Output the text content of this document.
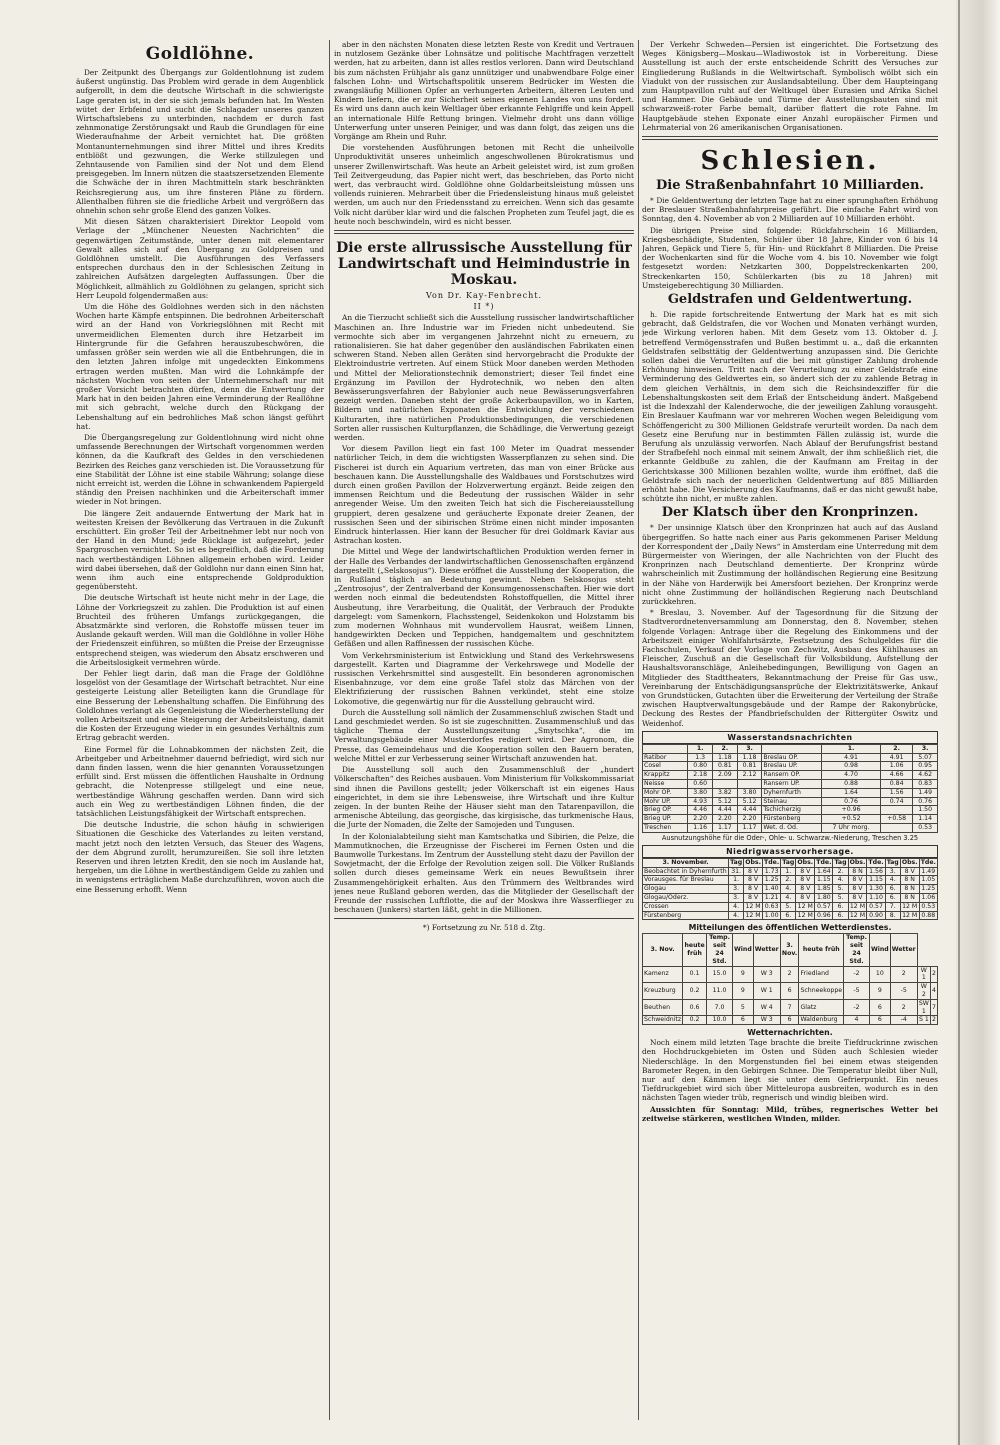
Goldlöhne.

Der Zeitpunkt des Übergangs zur Goldentlohnung ist zudem äußerst ungünstig. Das Problem wird gerade in dem Augenblick aufgerollt, in dem die deutsche Wirtschaft in die schwierigste Lage geraten ist, in der sie sich jemals befunden hat. Im Westen wütet der Erbfeind und sucht die Schlagader unseres ganzen Wirtschaftslebens zu unterbinden, nachdem er durch fast zehnmonatige Zerstörungsakt und Raub die Grundlagen für eine Wiederaufnahme der Arbeit vernichtet hat. Die größten Montanunternehmungen sind ihrer Mittel und ihres Kredits entblößt und gezwungen, die Werke stillzulegen und Zehntausende von Familien sind der Not und dem Elend preisgegeben. Im Innern nützen die staatszersetzenden Elemente die Schwäche der in ihren Machtmitteln stark beschränkten Reichsregierung aus, um ihre finsteren Pläne zu fördern. Allenthalben führen sie die friedliche Arbeit und vergrößern das ohnehin schon sehr große Elend des ganzen Volkes.

Mit diesen Sätzen charakterisiert Direktor Leopold vom Verlage der „Münchener Neuesten Nachrichten“ die gegenwärtigen Zeitumstände, unter denen mit elementarer Gewalt alles sich auf den Übergang zu Goldpreisen und Goldlöhnen umstellt. Die Ausführungen des Verfassers entsprechen durchaus den in der Schlesischen Zeitung in zahlreichen Aufsätzen dargelegten Auffassungen. Über die Möglichkeit, allmählich zu Goldlöhnen zu gelangen, spricht sich Herr Leupold folgendermaßen aus:

Um die Höhe des Goldlohnes werden sich in den nächsten Wochen harte Kämpfe entspinnen. Die bedrohnen Arbeiterschaft wird an der Hand von Vorkriegslöhnen mit Recht mit unvermeidlichen Elementen durch ihre Hetzarbeit im Hintergrunde für die Gefahren herauszubeschwören, die umfassen größer sein werden wie all die Entbehrungen, die in den letzten Jahren infolge mit ungedeckten Einkommens ertragen werden mußten. Man wird die Lohnkämpfe der nächsten Wochen von seiten der Unternehmerschaft nur mit großer Vorsicht betrachten dürfen, denn die Entwertung der Mark hat in den beiden Jahren eine Verminderung der Reallöhne mit sich gebracht, welche durch den Rückgang der Lebenshaltung auf ein bedrohliches Maß schon längst geführt hat.

Die Übergangsregelung zur Goldentlohnung wird nicht ohne umfassende Berechnungen der Wirtschaft vorgenommen werden können, da die Kaufkraft des Geldes in den verschiedenen Bezirken des Reiches ganz verschieden ist. Die Voraussetzung für eine Stabilität der Löhne ist eine stabile Währung; solange diese nicht erreicht ist, werden die Löhne in schwankendem Papiergeld ständig den Preisen nachhinken und die Arbeiterschaft immer wieder in Not bringen.

Die längere Zeit andauernde Entwertung der Mark hat in weitesten Kreisen der Bevölkerung das Vertrauen in die Zukunft erschüttert. Ein großer Teil der Arbeitnehmer lebt nur noch von der Hand in den Mund; jede Rücklage ist aufgezehrt, jeder Spargroschen vernichtet. So ist es begreiflich, daß die Forderung nach wertbeständigen Löhnen allgemein erhoben wird. Leider wird dabei übersehen, daß der Goldlohn nur dann einen Sinn hat, wenn ihm auch eine entsprechende Goldproduktion gegenübersteht.

Die deutsche Wirtschaft ist heute nicht mehr in der Lage, die Löhne der Vorkriegszeit zu zahlen. Die Produktion ist auf einen Bruchteil des früheren Umfangs zurückgegangen, die Absatzmärkte sind verloren, die Rohstoffe müssen teuer im Auslande gekauft werden. Will man die Goldlöhne in voller Höhe der Friedenszeit einführen, so müßten die Preise der Erzeugnisse entsprechend steigen, was wiederum den Absatz erschweren und die Arbeitslosigkeit vermehren würde.

Der Fehler liegt darin, daß man die Frage der Goldlöhne losgelöst von der Gesamtlage der Wirtschaft betrachtet. Nur eine gesteigerte Leistung aller Beteiligten kann die Grundlage für eine Besserung der Lebenshaltung schaffen. Die Einführung des Goldlohnes verlangt als Gegenleistung die Wiederherstellung der vollen Arbeitszeit und eine Steigerung der Arbeitsleistung, damit die Kosten der Erzeugung wieder in ein gesundes Verhältnis zum Ertrag gebracht werden.

Eine Formel für die Lohnabkommen der nächsten Zeit, die Arbeitgeber und Arbeitnehmer dauernd befriedigt, wird sich nur dann finden lassen, wenn die hier genannten Voraussetzungen erfüllt sind. Erst müssen die öffentlichen Haushalte in Ordnung gebracht, die Notenpresse stillgelegt und eine neue, wertbeständige Währung geschaffen werden. Dann wird sich auch ein Weg zu wertbeständigen Löhnen finden, die der tatsächlichen Leistungsfähigkeit der Wirtschaft entsprechen.

Die deutsche Industrie, die schon häufig in schwierigen Situationen die Geschicke des Vaterlandes zu leiten verstand, macht jetzt noch den letzten Versuch, das Steuer des Wagens, der dem Abgrund zurollt, herumzureißen. Sie soll ihre letzten Reserven und ihren letzten Kredit, den sie noch im Auslande hat, hergeben, um die Löhne in wertbeständigem Gelde zu zahlen und in wenigstens erträglichem Maße durchzuführen, wovon auch die eine Besserung erhofft. Wenn

aber in den nächsten Monaten diese letzten Reste von Kredit und Vertrauen in nutzlosem Gezänke über Lohnsätze und politische Machtfragen verzettelt werden, hat zu arbeiten, dann ist alles restlos verloren. Dann wird Deutschland bis zum nächsten Frühjahr als ganz unnütziger und unabwendbare Folge einer falschen Lohn- und Wirtschaftspolitik unserem Bedrücker im Westen die zwangsläufig Millionen Opfer an verhungerten Arbeitern, älteren Leuten und Kindern liefern, die er zur Sicherheit seines eigenen Landes von uns fordert. Es wird uns dann auch kein Weltlager über erkannte Fehlgriffe und kein Appell an internationale Hilfe Rettung bringen. Vielmehr droht uns dann völlige Unterwerfung unter unseren Peiniger, und was dann folgt, das zeigen uns die Vorgänge am Rhein und Ruhr.

Die vorstehenden Ausführungen betonen mit Recht die unheilvolle Unproduktivität unseres unheimlich angeschwollenen Bürokratismus und unserer Zwillenwirtschaft. Was heute an Arbeit geleistet wird, ist zum großen Teil Zeitvergeudung, das Papier nicht wert, das beschrieben, das Porto nicht wert, das verbraucht wird. Goldlöhne ohne Goldarbeitsleistung müssen uns vollends ruinieren. Mehrarbeit über die Friedensleistung hinaus muß geleistet werden, um auch nur den Friedensstand zu erreichen. Wenn sich das gesamte Volk nicht darüber klar wird und die falschen Propheten zum Teufel jagt, die es heute noch beschwindeln, wird es nicht besser.

Die erste allrussische Ausstellung für Landwirtschaft und Heimindustrie in Moskau.
Von Dr. Kay-Fenbrecht.
II *)

An die Tierzucht schließt sich die Ausstellung russischer landwirtschaftlicher Maschinen an. Ihre Industrie war im Frieden nicht unbedeutend. Sie vermochte sich aber im vergangenen Jahrzehnt nicht zu erneuern, zu rationalisieren. Sie hat daher gegenüber den ausländischen Fabrikaten einen schweren Stand. Neben allen Geräten sind hervorgebracht die Produkte der Elektroindustrie vertreten. Auf einem Stück Moor daneben werden Methoden und Mittel der Meliorationstechnik demonstriert; dieser Teil findet eine Ergänzung im Pavillon der Hydrotechnik, wo neben den alten Bewässerungsverfahren der Babylonier auch neue Bewässerungsverfahren gezeigt werden. Daneben steht der große Ackerbaupavillon, wo in Karten, Bildern und natürlichen Exponaten die Entwicklung der verschiedenen Kulturarten, ihre natürlichen Produktionsbedingungen, die verschiedenen Sorten aller russischen Kulturpflanzen, die Schädlinge, die Verwertung gezeigt werden.

Vor diesem Pavillon liegt ein fast 100 Meter im Quadrat messender natürlicher Teich, in dem die wichtigsten Wasserpflanzen zu sehen sind. Die Fischerei ist durch ein Aquarium vertreten, das man von einer Brücke aus beschauen kann. Die Ausstellungshalle des Waldbaues und Forstschutzes wird durch einen großen Pavillon der Holzverwertung ergänzt. Beide zeigen den immensen Reichtum und die Bedeutung der russischen Wälder in sehr anregender Weise. Um den zweiten Teich hat sich die Fischereiausstellung gruppiert, deren gesalzene und geräucherte Exponate dreier Zeanen, der russischen Seen und der sibirischen Ströme einen nicht minder imposanten Eindruck hinterlassen. Hier kann der Besucher für drei Goldmark Kaviar aus Astrachan kosten.

Die Mittel und Wege der landwirtschaftlichen Produktion werden ferner in der Halle des Verbandes der landwirtschaftlichen Genossenschaften ergänzend dargestellt („Selskosojus“). Diese eröffnet die Ausstellung der Kooperation, die in Rußland täglich an Bedeutung gewinnt. Neben Selskosojus steht „Zentrosojus“, der Zentralverband der Konsumgenossenschaften. Hier wie dort werden noch einmal die bedeutendsten Rohstoffquellen, die Mittel ihrer Ausbeutung, ihre Verarbeitung, die Qualität, der Verbrauch der Produkte dargelegt: vom Samenkorn, Flachsstengel, Seidenkokon und Holzstamm bis zum modernen Wohnhaus mit wundervollem Hausrat, weißem Linnen, handgewirkten Decken und Teppichen, handgemaltem und geschnitztem Gefäßen und allen Raffinessen der russischen Küche.

Vom Verkehrsministerium ist Entwicklung und Stand des Verkehrswesens dargestellt. Karten und Diagramme der Verkehrswege und Modelle der russischen Verkehrsmittel sind ausgestellt. Ein besonderen agronomischen Eisenbahnzuge, vor dem eine große Tafel stolz das Märchen von der Elektrifizierung der russischen Bahnen verkündet, steht eine stolze Lokomotive, die gegenwärtig nur für die Ausstellung gebraucht wird.

Durch die Ausstellung soll nämlich der Zusammenschluß zwischen Stadt und Land geschmiedet werden. So ist sie zugeschnitten. Zusammenschluß und das tägliche Thema der Ausstellungszeitung „Smytschka“, die im Verwaltungsgebäude einer Musterdorfes redigiert wird. Der Agronom, die Presse, das Gemeindehaus und die Kooperation sollen den Bauern beraten, welche Mittel er zur Verbesserung seiner Wirtschaft anzuwenden hat.

Die Ausstellung soll auch den Zusammenschluß der „hundert Völkerschaften“ des Reiches ausbauen. Vom Ministerium für Volkskommissariat sind ihnen die Pavillons gestellt; jeder Völkerschaft ist ein eigenes Haus eingerichtet, in dem sie ihre Lebensweise, ihre Wirtschaft und ihre Kultur zeigen. In der bunten Reihe der Häuser sieht man den Tatarenpavillon, die armenische Abteilung, das georgische, das kirgisische, das turkmenische Haus, die Jurte der Nomaden, die Zelte der Samojeden und Tungusen.

In der Kolonialabteilung sieht man Kamtschatka und Sibirien, die Pelze, die Mammutknochen, die Erzeugnisse der Fischerei im Fernen Osten und die Baumwolle Turkestans. Im Zentrum der Ausstellung steht dazu der Pavillon der Sowjetmacht, der die Erfolge der Revolution zeigen soll. Die Völker Rußlands sollen durch dieses gemeinsame Werk ein neues Bewußtsein ihrer Zusammengehörigkeit erhalten. Aus den Trümmern des Weltbrandes wird jenes neue Rußland geboren werden, das die Mitglieder der Gesellschaft der Freunde der russischen Luftflotte, die auf der Moskwa ihre Wasserflieger zu beschauen (Junkers) starten läßt, geht in die Millionen.

*) Fortsetzung zu Nr. 518 d. Ztg.

Der Verkehr Schweden—Persien ist eingerichtet. Die Fortsetzung des Weges Königsberg—Moskau—Wladiwostok ist in Vorbereitung. Diese Ausstellung ist auch der erste entscheidende Schritt des Versuches zur Eingliederung Rußlands in die Weltwirtschaft. Symbolisch wölbt sich ein Viadukt von der russischen zur Auslandsabteilung. Über dem Haupteingang zum Hauptpavillon ruht auf der Weltkugel über Eurasien und Afrika Sichel und Hammer. Die Gebäude und Türme der Ausstellungsbauten sind mit schwarzweiß-roter Farbe bemalt, darüber flattert die rote Fahne. Im Hauptgebäude stehen Exponate einer Anzahl europäischer Firmen und Lehrmaterial von 26 amerikanischen Organisationen.

Schlesien.
Die Straßenbahnfahrt 10 Milliarden.

* Die Geldentwertung der letzten Tage hat zu einer sprunghaften Erhöhung der Breslauer Straßenbahnfahrpreise geführt. Die einfache Fahrt wird von Sonntag, den 4. November ab von 2 Milliarden auf 10 Milliarden erhöht.

Die übrigen Preise sind folgende: Rückfahrschein 16 Milliarden, Kriegsbeschädigte, Studenten, Schüler über 18 Jahre, Kinder von 6 bis 14 Jahren, Gepäck und Tiere 5, für Hin- und Rückfahrt 8 Milliarden. Die Preise der Wochenkarten sind für die Woche vom 4. bis 10. November wie folgt festgesetzt worden: Netzkarten 300, Doppelstreckenkarten 200, Streckenkarten 150, Schülerkarten (bis zu 18 Jahren) mit Umsteigeberechtigung 30 Milliarden.

Geldstrafen und Geldentwertung.

h. Die rapide fortschreitende Entwertung der Mark hat es mit sich gebracht, daß Geldstrafen, die vor Wochen und Monaten verhängt wurden, jede Wirkung verloren haben. Mit dem Gesetz vom 13. Oktober d. J. betreffend Vermögensstrafen und Bußen bestimmt u. a., daß die erkannten Geldstrafen selbsttätig der Geldentwertung anzupassen sind. Die Gerichte sollen dabei die Verurteilten auf die bei mit günstiger Zahlung drohende Erhöhung hinweisen. Tritt nach der Verurteilung zu einer Geldstrafe eine Verminderung des Geldwertes ein, so ändert sich der zu zahlende Betrag in dem gleichen Verhältnis, in dem sich die Reichsindexziffer für die Lebenshaltungskosten seit dem Erlaß der Entscheidung ändert. Maßgebend ist die Indexzahl der Kalenderwoche, die der jeweiligen Zahlung vorausgeht. Ein Breslauer Kaufmann war vor mehreren Wochen wegen Beleidigung vom Schöffengericht zu 300 Millionen Geldstrafe verurteilt worden. Da nach dem Gesetz eine Berufung nur in bestimmten Fällen zulässig ist, wurde die Berufung als unzulässig verworfen. Nach Ablauf der Berufungsfrist bestand der Strafbefehl noch einmal mit seinem Anwalt, der ihm schließlich riet, die erkannte Geldbuße zu zahlen, die der Kaufmann am Freitag in der Gerichtskasse 300 Millionen bezahlen wollte, wurde ihm eröffnet, daß die Geldstrafe sich nach der neuerlichen Geldentwertung auf 885 Milliarden erhöht habe. Die Versicherung des Kaufmanns, daß er das nicht gewußt habe, schützte ihn nicht, er mußte zahlen.

Der Klatsch über den Kronprinzen.

* Der unsinnige Klatsch über den Kronprinzen hat auch auf das Ausland übergegriffen. So hatte nach einer aus Paris gekommenen Pariser Meldung der Korrespondent der „Daily News“ in Amsterdam eine Unterredung mit dem Bürgermeister von Wieringen, der alle Nachrichten von der Flucht des Kronprinzen nach Deutschland dementierte. Der Kronprinz würde wahrscheinlich mit Zustimmung der holländischen Regierung eine Besitzung in der Nähe von Harderwijk bei Amersfoort beziehen. Der Kronprinz werde nicht ohne Zustimmung der holländischen Regierung nach Deutschland zurückkehren.

* Breslau, 3. November. Auf der Tagesordnung für die Sitzung der Stadtverordnetenversammlung am Donnerstag, den 8. November, stehen folgende Vorlagen: Antrage über die Regelung des Einkommens und der Arbeitszeit einiger Wohlfahrtsärzte, Festsetzung des Schulgeldes für die Fachschulen, Verkauf der Vorlage von Zechwitz, Ausbau des Kühlhauses an Fleischer, Zuschuß an die Gesellschaft für Volksbildung, Aufstellung der Haushaltsvoranschläge, Anleihebedingungen, Bewilligung von Gagen an Mitglieder des Stadttheaters, Bekanntmachung der Preise für Gas usw., Vereinbarung der Entschädigungsansprüche der Elektrizitätswerke, Ankauf von Grundstücken, Gutachten über die Erweiterung der Verteilung der Straße zwischen Hauptverwaltungsgebäude und der Rampe der Rakonybrücke, Deckung des Restes der Pfandbriefschulden der Rittergüter Oswitz und Weidenhof.

Wasserstandsnachrichten
	1.	2.	3.		1.	2.	3.
Ratibor	1.3	1.18	1.18	Breslau OP.	4.91	4.91	5.07
Cosel	0.80	0.81	0.81	Breslau UP.	0.98	1.06	0.95
Krappitz	2.18	2.09	2.12	Ransern OP.	4.70	4.66	4.62
Neisse	0.60			Ransern UP.	0.88	0.84	0.83
Mohr OP.	3.80	3.82	3.80	Dyhernfurth	1.64	1.56	1.49
Mohr UP.	4.93	5.12	5.12	Steinau	0.76	0.74	0.76
Brieg OP.	4.46	4.44	4.44	Tschicherzig	+0.96		1.50
Brieg UP.	2.20	2.20	2.20	Fürstenberg	+0.52	+0.58	1.14
Treschen	1.16	1.17	1.17	Wet. d. Od.	7 Uhr morg.		0.53
Ausnutzungshöhe für die Oder-, Ohle- u. Schwarzw.-Niederung, Treschen 3.25
Niedrigwasservorhersage.
3. November.	Tag	Obs.	Tde.	Tag	Obs.	Tde.	Tag	Obs.	Tde.	Tag	Obs.	Tde.
Beobachtet in Dyhernfurth	31.	8 V	1.73	1.	8 V	1.64	2.	8 N	1.56	3.	8 V	1.49
Vorausges. für Breslau	1.	8 V	1.25	2.	8 V	1.15	4.	8 V	1.15	4.	8 N	1.05
Glogau	3.	8 V	1.40	4.	8 V	1.85	5.	8 V	1.30	6.	8 N	1.25
Glogau/Oderz.	3.	8 V	1.21	4.	8 V	1.80	5.	8 V	1.10	6.	8 N	1.06
Crossen	4.	12 M	0.63	5.	12 M	0.57	6.	12 M	0.57	7.	12 M	0.53
Fürstenberg	4.	12 M	1.00	6.	12 M	0.96	6.	12 M	0.90	8.	12 M	0.88
Mitteilungen des öffentlichen Wetterdienstes.
3. Nov.	heute früh	Temp. seit 24 Std.	Wind	Wetter	3. Nov.	heute früh	Temp. seit 24 Std.	Wind	Wetter		
Kamenz	0.1	15.0	9	W 3	2	Friedland	-2	10	2	W 1	2
Kreuzburg	0.2	11.0	9	W 1	6	Schneekoppe	-5	9	-5	W 2	4
Beuthen	0.6	7.0	5	W 4	7	Glatz	-2	6	2	SW 1	7
Schweidnitz	0.2	10.0	6	W 3	6	Waldenburg	4	6	-4	S 1	2
Wetternachrichten.

Noch einem mild letzten Tage brachte die breite Tiefdruckrinne zwischen den Hochdruckgebieten im Osten und Süden auch Schlesien wieder Niederschläge. In den Morgenstunden fiel bei einem etwas steigenden Barometer Regen, in den Gebirgen Schnee. Die Temperatur bleibt über Null, nur auf den Kämmen liegt sie unter dem Gefrierpunkt. Ein neues Tiefdruckgebiet wird sich über Mitteleuropa ausbreiten, wodurch es in den nächsten Tagen wieder trüb, regnerisch und windig bleiben wird.

Aussichten für Sonntag: Mild, trübes, regnerisches Wetter bei zeitweise stärkeren, westlichen Winden, milder.
